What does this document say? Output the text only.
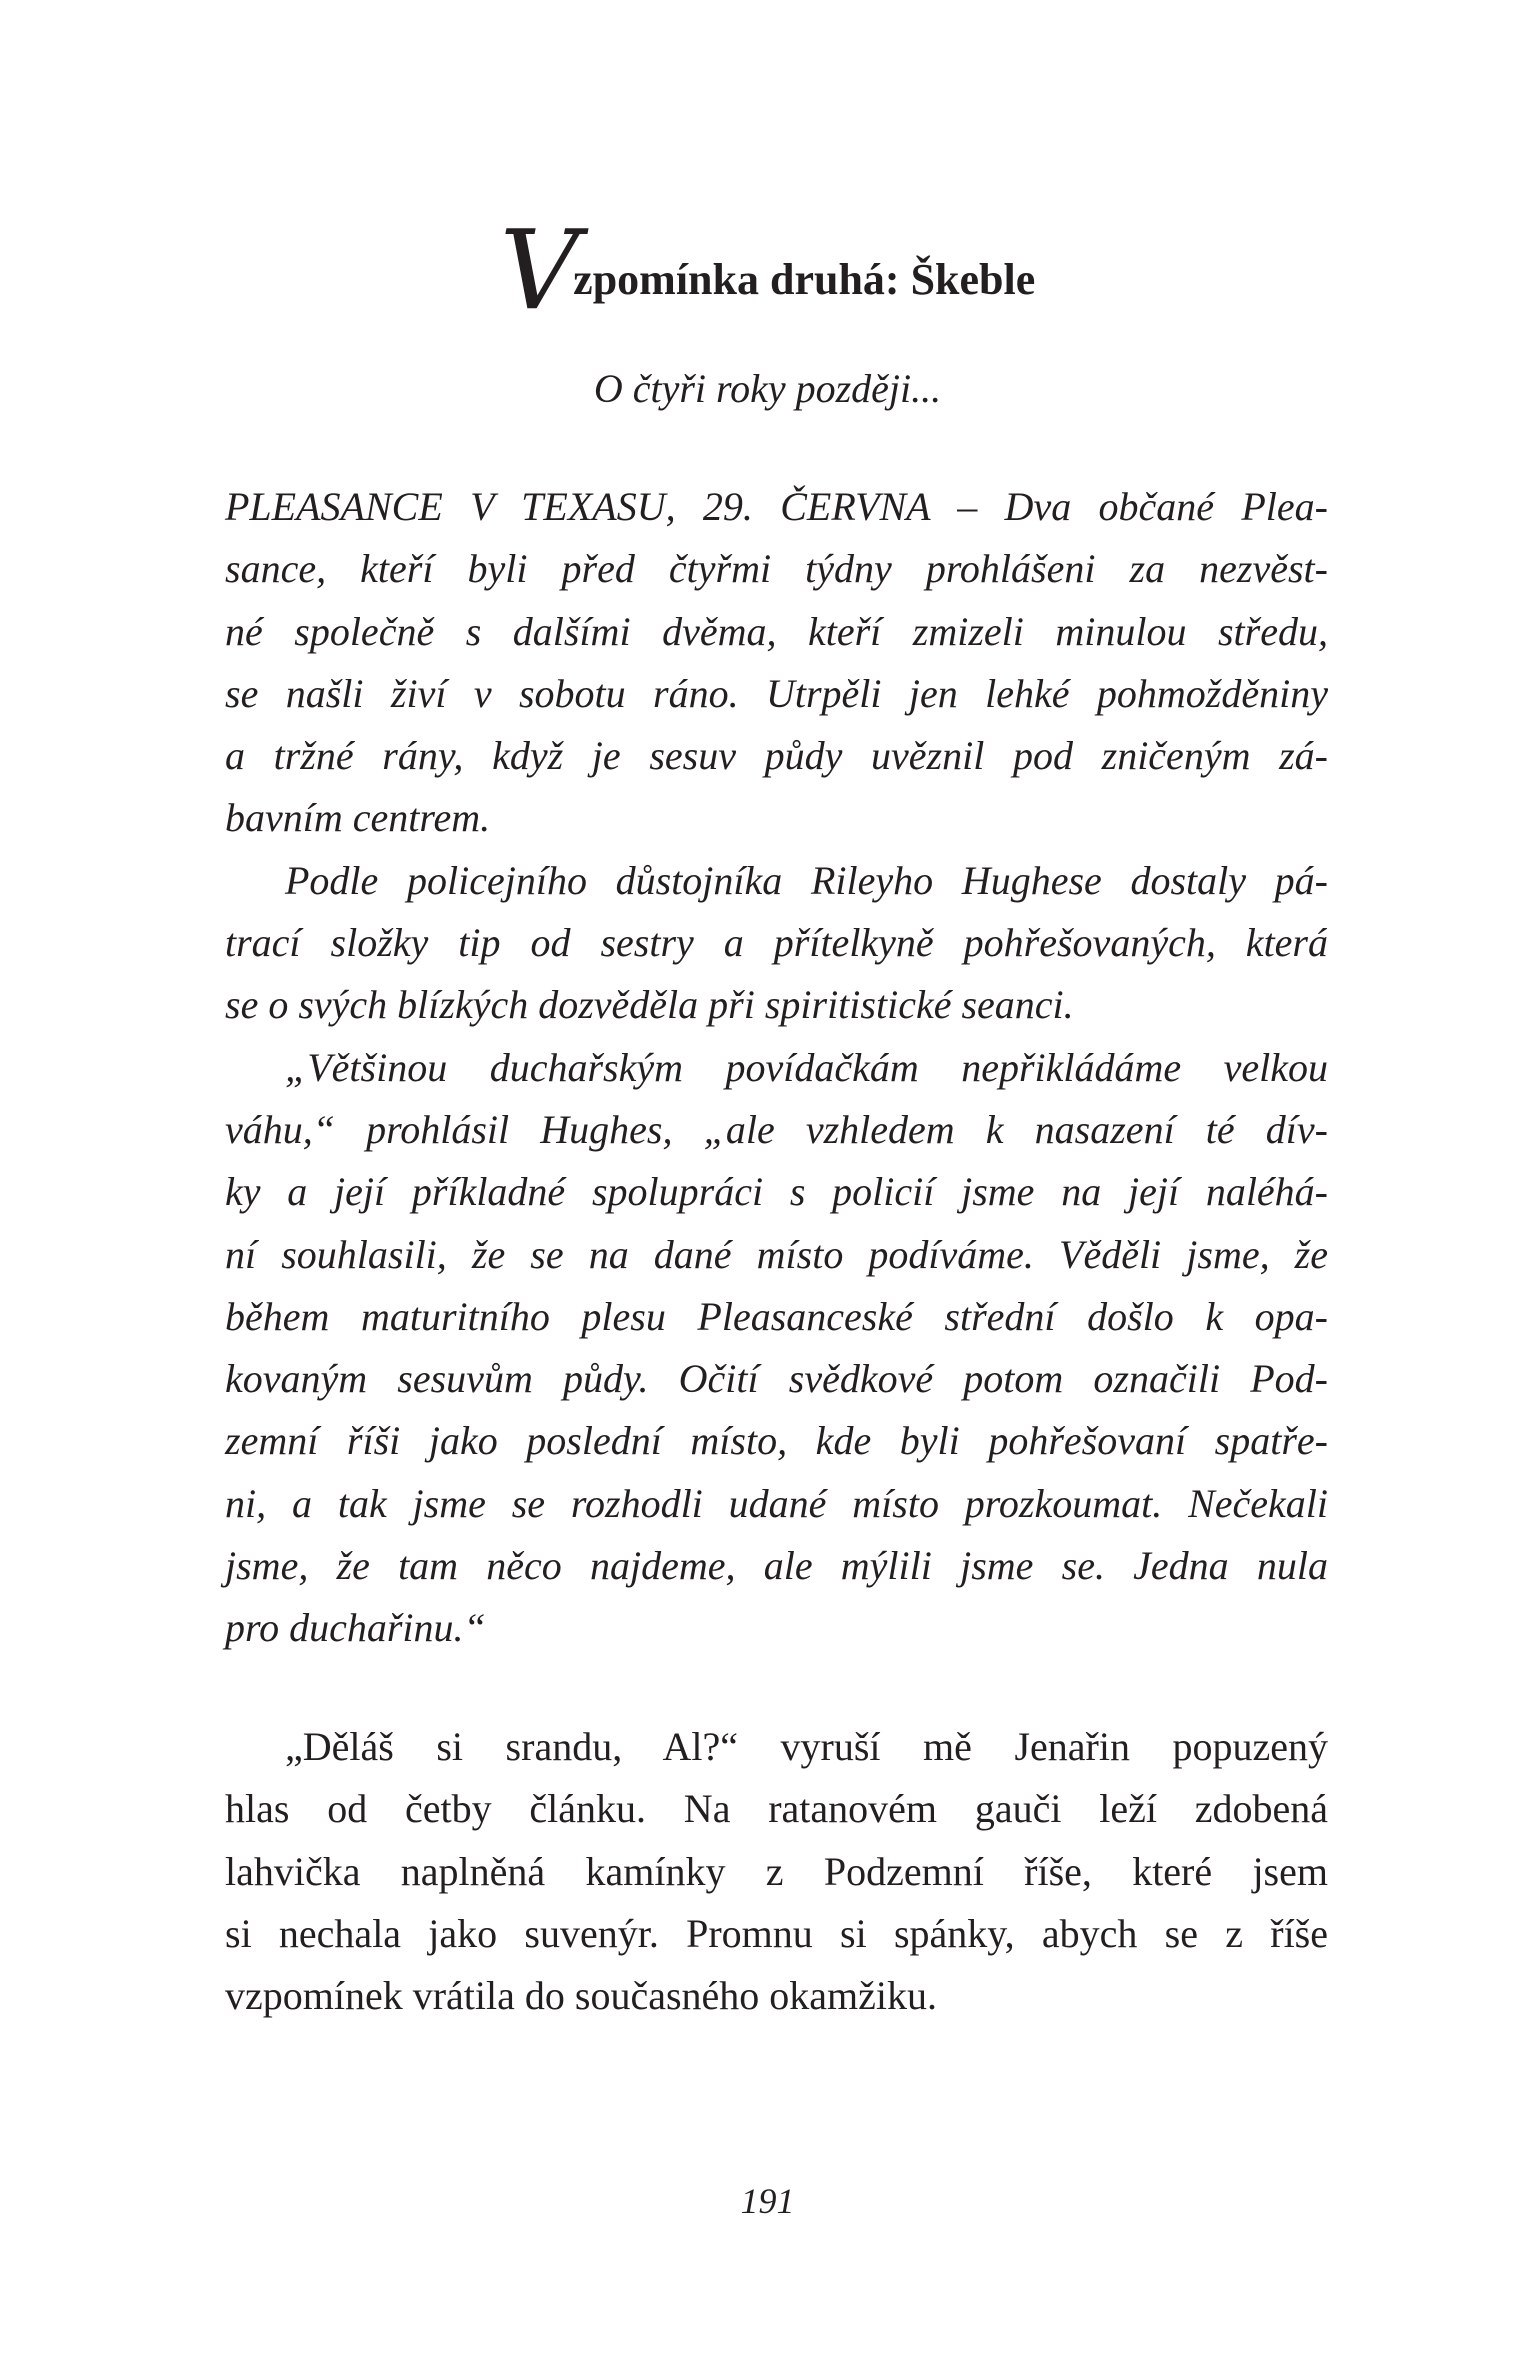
Vzpomínka druhá: Škeble
O čtyři roky později...
PLEASANCE V TEXASU, 29. ČERVNA – Dva občané Plea-
sance, kteří byli před čtyřmi týdny prohlášeni za nezvěst-
né společně s dalšími dvěma, kteří zmizeli minulou středu,
se našli živí v sobotu ráno. Utrpěli jen lehké pohmožděniny
a tržné rány, když je sesuv půdy uvěznil pod zničeným zá-
bavním centrem.
Podle policejního důstojníka Rileyho Hughese dostaly pá-
trací složky tip od sestry a přítelkyně pohřešovaných, která
se o svých blízkých dozvěděla při spiritistické seanci.
„Většinou duchařským povídačkám nepřikládáme velkou
váhu,“ prohlásil Hughes, „ale vzhledem k nasazení té dív-
ky a její příkladné spolupráci s policií jsme na její naléhá-
ní souhlasili, že se na dané místo podíváme. Věděli jsme, že
během maturitního plesu Pleasanceské střední došlo k opa-
kovaným sesuvům půdy. Očití svědkové potom označili Pod-
zemní říši jako poslední místo, kde byli pohřešovaní spatře-
ni, a tak jsme se rozhodli udané místo prozkoumat. Nečekali
jsme, že tam něco najdeme, ale mýlili jsme se. Jedna nula
pro duchařinu.“
„Děláš si srandu, Al?“ vyruší mě Jenařin popuzený
hlas od četby článku. Na ratanovém gauči leží zdobená
lahvička naplněná kamínky z Podzemní říše, které jsem
si nechala jako suvenýr. Promnu si spánky, abych se z říše
vzpomínek vrátila do současného okamžiku.
191
